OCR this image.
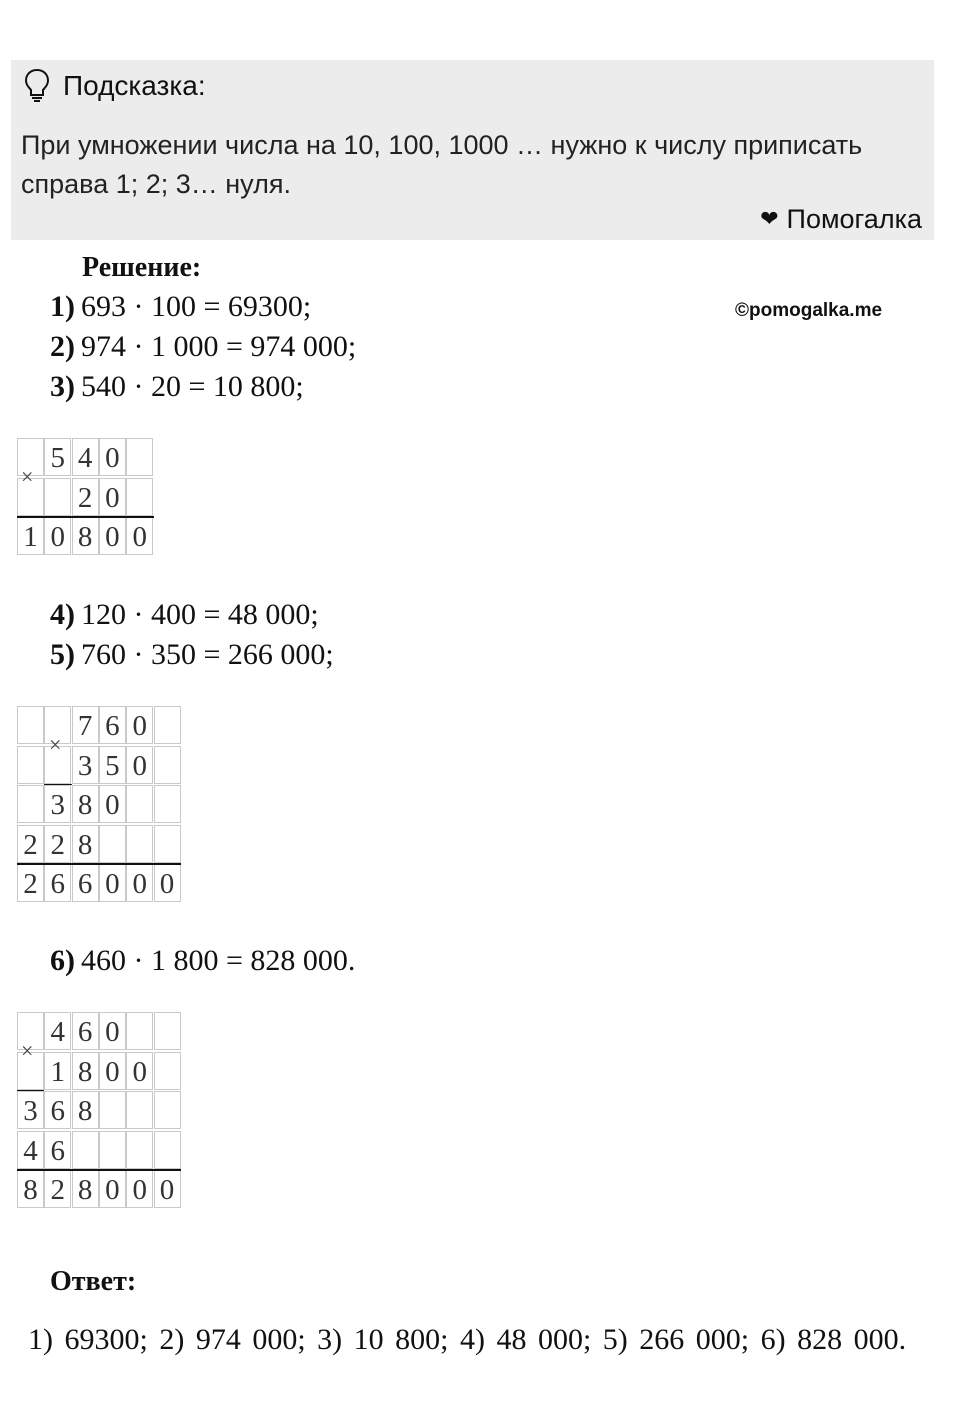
Подсказка:
При умножении числа на 10, 100, 1000 … нужно к числу приписать справа 1; 2; 3… нуля.
❤ Помогалка
Решение:
©pomogalka.me
1) 693 · 100 = 69300;
2) 974 · 1 000 = 974 000;
3) 540 · 20 = 10 800;
5 4 0
2 0
1 0 8 0 0
×
4) 120 · 400 = 48 000;
5) 760 · 350 = 266 000;
7 6 0
3 5 0
3 8 0
2 2 8
2 6 6 0 0 0
×
6) 460 · 1 800 = 828 000.
4 6 0
1 8 0 0
3 6 8
4 6
8 2 8 0 0 0
×
Ответ:
1) 69300; 2) 974 000; 3) 10 800; 4) 48 000; 5) 266 000; 6) 828 000.
